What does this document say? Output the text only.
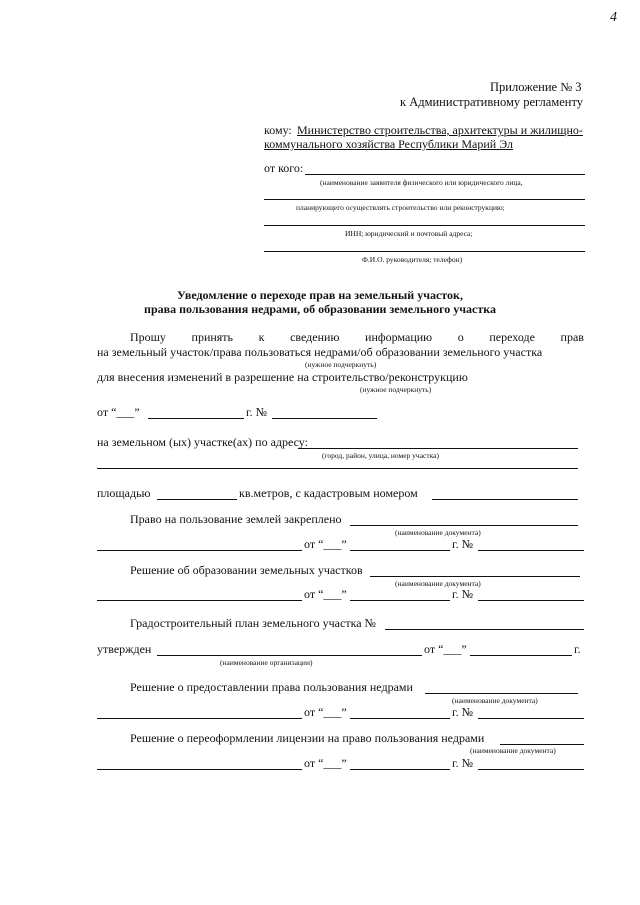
4
Приложение № 3
к Административному регламенту
кому: Министерство строительства, архитектуры и жилищно-
коммунального хозяйства Республики Марий Эл
от кого:
(наименование заявителя физического или юридического лица,
планирующего осуществлять строительство или реконструкцию;
ИНН; юридический и почтовый адреса;
Ф.И.О. руководителя; телефон)
Уведомление о переходе прав на земельный участок,
права пользования недрами, об образовании земельного участка
Прошу принять к сведению информацию о переходе прав
на земельный участок/права пользоваться недрами/об образовании земельного участка
(нужное подчеркнуть)
для внесения изменений в разрешение на строительство/реконструкцию
(нужное подчеркнуть)
от “___”	г. №
на земельном (ых) участке(ах) по адресу:
(город, район, улица, номер участка)
площадью	кв.метров, с кадастровым номером
Право на пользование землей закреплено
(наименование документа)
от “___”	г. №
Решение об образовании земельных участков
(наименование документа)
от “___”	г. №
Градостроительный план земельного участка №
утвержден	от “___”	г.
(наименование организации)
Решение о предоставлении права пользования недрами
(наименование документа)
от “___”	г. №
Решение о переоформлении лицензии на право пользования недрами
(наименование документа)
от “___”	г. №
